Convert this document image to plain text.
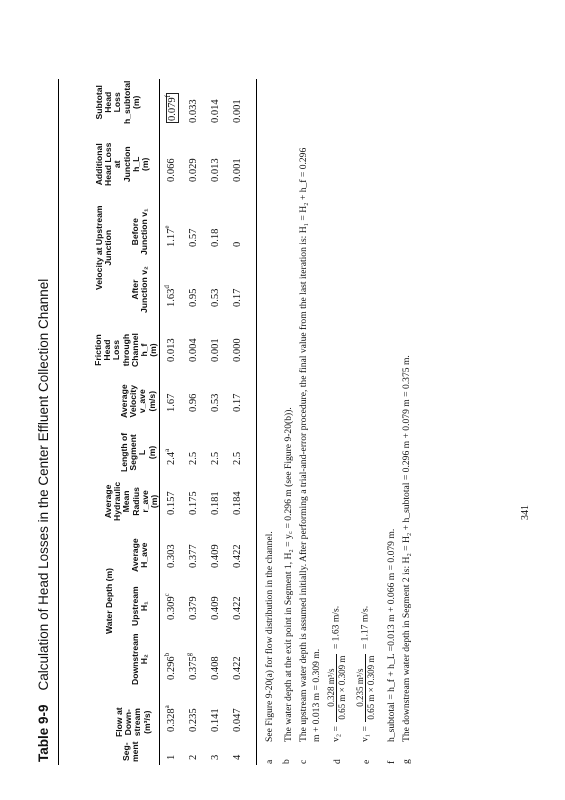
Table 9-9Calculation of Head Losses in the Center Effluent Collection Channel
Seg- ment
Flow at Down- stream (m³/s)
Water Depth (m)
Downstream H₂
Upstream H₁
Average H_ave
Average Hydraulic Mean Radius r_ave (m)
Length of Segment L (m)
Average Velocity v_ave (m/s)
Friction Head Loss through Channel h_f (m)
Velocity at Upstream Junction
After Junction v₂
Before Junction v₁
Additional Head Loss at Junction h_L (m)
Subtotal Head Loss h_subtotal (m)
1
0.328$^a$
0.296$^b$
0.309$^c$
0.303
0.157
2.4$^a$
1.67
0.013
1.63$^d$
1.17e
0.066
0.079$^f$
2
0.235
0.375$^g$
0.379
0.377
0.175
2.5
0.96
0.004
0.95
0.57
0.029
0.033
3
0.141
0.408
0.409
0.409
0.181
2.5
0.53
0.001
0.53
0.18
0.013
0.014
4
0.047
0.422
0.422
0.422
0.184
2.5
0.17
0.000
0.17
0
0.001
0.001
a
See Figure 9-20(a) for flow distribution in the channel.
b
The water depth at the exit point in Segment 1, H₂ = y꜀ = 0.296 m (see Figure 9-20(b)).
c
The upstream water depth is assumed initially. After performing a trial-and-error procedure, the final value from the last iteration is: H₁ = H₂ + h_f = 0.296 m + 0.013 m = 0.309 m.
d
v₂ =
0.328 m³/s 0.65 m × 0.309 m
= 1.63 m/s.
e
v₁ =
0.235 m³/s 0.65 m × 0.309 m
= 1.17 m/s.
f
h_subtotal = h_f + h_L =0.013 m + 0.066 m = 0.079 m.
g
The downstream water depth in Segment 2 is: H₂ = H₂ + h_subtotal = 0.296 m + 0.079 m = 0.375 m.	341
